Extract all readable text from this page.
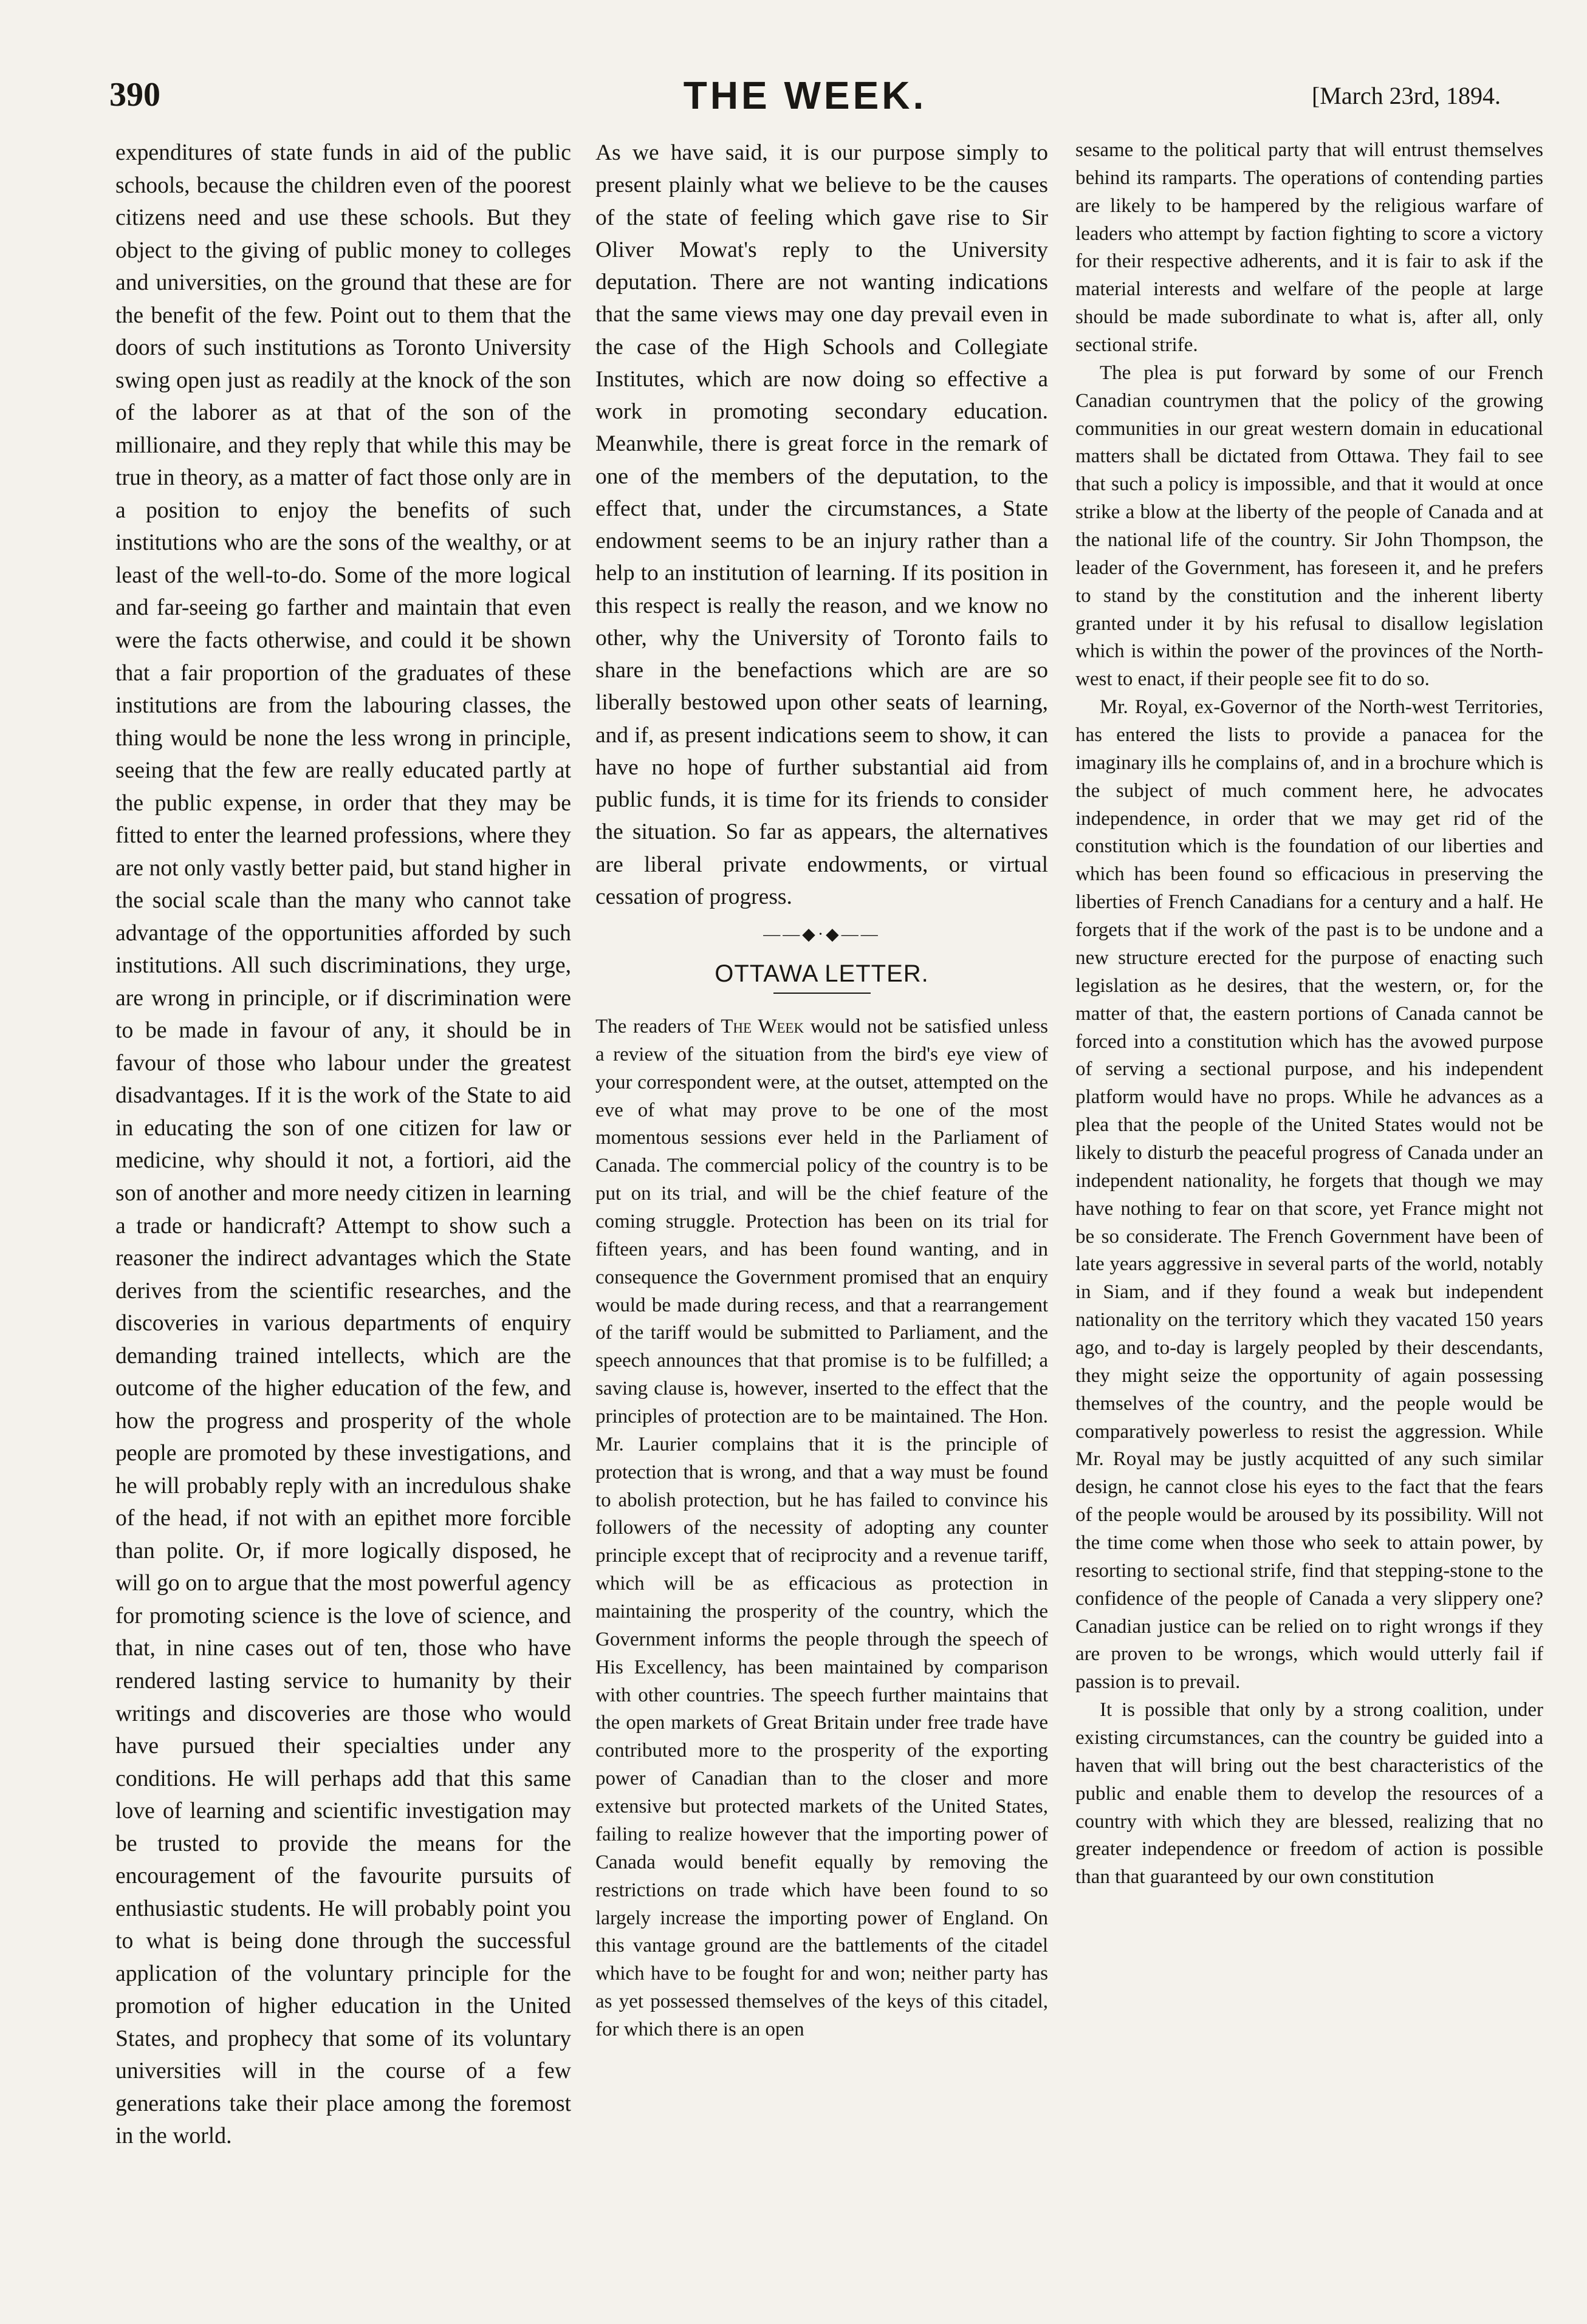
390	THE WEEK.	[March 23rd, 1894.

expenditures of state funds in aid of the public schools, because the children even of the poorest citizens need and use these schools. But they object to the giving of public money to colleges and universities, on the ground that these are for the benefit of the few. Point out to them that the doors of such institutions as Toronto University swing open just as readily at the knock of the son of the laborer as at that of the son of the millionaire, and they reply that while this may be true in theory, as a matter of fact those only are in a position to enjoy the benefits of such institutions who are the sons of the wealthy, or at least of the well-to-do. Some of the more logical and far-seeing go farther and maintain that even were the facts otherwise, and could it be shown that a fair proportion of the graduates of these institutions are from the labouring classes, the thing would be none the less wrong in principle, seeing that the few are really educated partly at the public expense, in order that they may be fitted to enter the learned professions, where they are not only vastly better paid, but stand higher in the social scale than the many who cannot take advantage of the opportunities afforded by such institutions. All such discriminations, they urge, are wrong in principle, or if discrimination were to be made in favour of any, it should be in favour of those who labour under the greatest disadvantages. If it is the work of the State to aid in educating the son of one citizen for law or medicine, why should it not, a fortiori, aid the son of another and more needy citizen in learning a trade or handicraft? Attempt to show such a reasoner the indirect advantages which the State derives from the scientific researches, and the discoveries in various departments of enquiry demanding trained intellects, which are the outcome of the higher education of the few, and how the progress and prosperity of the whole people are promoted by these investigations, and he will probably reply with an incredulous shake of the head, if not with an epithet more forcible than polite. Or, if more logically disposed, he will go on to argue that the most powerful agency for promoting science is the love of science, and that, in nine cases out of ten, those who have rendered lasting service to humanity by their writings and discoveries are those who would have pursued their specialties under any conditions. He will perhaps add that this same love of learning and scientific investigation may be trusted to provide the means for the encouragement of the favourite pursuits of enthusiastic students. He will probably point you to what is being done through the successful application of the voluntary principle for the promotion of higher education in the United States, and prophecy that some of its voluntary universities will in the course of a few generations take their place among the foremost in the world.

As we have said, it is our purpose simply to present plainly what we believe to be the causes of the state of feeling which gave rise to Sir Oliver Mowat's reply to the University deputation. There are not wanting indications that the same views may one day prevail even in the case of the High Schools and Collegiate Institutes, which are now doing so effective a work in promoting secondary education. Meanwhile, there is great force in the remark of one of the members of the deputation, to the effect that, under the circumstances, a State endowment seems to be an injury rather than a help to an institution of learning. If its position in this respect is really the reason, and we know no other, why the University of Toronto fails to share in the benefactions which are are so liberally bestowed upon other seats of learning, and if, as present indications seem to show, it can have no hope of further substantial aid from public funds, it is time for its friends to consider the situation. So far as appears, the alternatives are liberal private endowments, or virtual cessation of progress.

——◆·◆——
OTTAWA LETTER.

The readers of The Week would not be satisfied unless a review of the situation from the bird's eye view of your correspondent were, at the outset, attempted on the eve of what may prove to be one of the most momentous sessions ever held in the Parliament of Canada. The commercial policy of the country is to be put on its trial, and will be the chief feature of the coming struggle. Protection has been on its trial for fifteen years, and has been found wanting, and in consequence the Government promised that an enquiry would be made during recess, and that a rearrangement of the tariff would be submitted to Parliament, and the speech announces that that promise is to be fulfilled; a saving clause is, however, inserted to the effect that the principles of protection are to be maintained. The Hon. Mr. Laurier complains that it is the principle of protection that is wrong, and that a way must be found to abolish protection, but he has failed to convince his followers of the necessity of adopting any counter principle except that of reciprocity and a revenue tariff, which will be as efficacious as protection in maintaining the prosperity of the country, which the Government informs the people through the speech of His Excellency, has been maintained by comparison with other countries. The speech further maintains that the open markets of Great Britain under free trade have contributed more to the prosperity of the exporting power of Canadian than to the closer and more extensive but protected markets of the United States, failing to realize however that the importing power of Canada would benefit equally by removing the restrictions on trade which have been found to so largely increase the importing power of England. On this vantage ground are the battlements of the citadel which have to be fought for and won; neither party has as yet possessed themselves of the keys of this citadel, for which there is an open

sesame to the political party that will entrust themselves behind its ramparts. The operations of contending parties are likely to be hampered by the religious warfare of leaders who attempt by faction fighting to score a victory for their respective adherents, and it is fair to ask if the material interests and welfare of the people at large should be made subordinate to what is, after all, only sectional strife.

The plea is put forward by some of our French Canadian countrymen that the policy of the growing communities in our great western domain in educational matters shall be dictated from Ottawa. They fail to see that such a policy is impossible, and that it would at once strike a blow at the liberty of the people of Canada and at the national life of the country. Sir John Thompson, the leader of the Government, has foreseen it, and he prefers to stand by the constitution and the inherent liberty granted under it by his refusal to disallow legislation which is within the power of the provinces of the North-west to enact, if their people see fit to do so.

Mr. Royal, ex-Governor of the North-west Territories, has entered the lists to provide a panacea for the imaginary ills he complains of, and in a brochure which is the subject of much comment here, he advocates independence, in order that we may get rid of the constitution which is the foundation of our liberties and which has been found so efficacious in preserving the liberties of French Canadians for a century and a half. He forgets that if the work of the past is to be undone and a new structure erected for the purpose of enacting such legislation as he desires, that the western, or, for the matter of that, the eastern portions of Canada cannot be forced into a constitution which has the avowed purpose of serving a sectional purpose, and his independent platform would have no props. While he advances as a plea that the people of the United States would not be likely to disturb the peaceful progress of Canada under an independent nationality, he forgets that though we may have nothing to fear on that score, yet France might not be so considerate. The French Government have been of late years aggressive in several parts of the world, notably in Siam, and if they found a weak but independent nationality on the territory which they vacated 150 years ago, and to-day is largely peopled by their descendants, they might seize the opportunity of again possessing themselves of the country, and the people would be comparatively powerless to resist the aggression. While Mr. Royal may be justly acquitted of any such similar design, he cannot close his eyes to the fact that the fears of the people would be aroused by its possibility. Will not the time come when those who seek to attain power, by resorting to sectional strife, find that stepping-stone to the confidence of the people of Canada a very slippery one? Canadian justice can be relied on to right wrongs if they are proven to be wrongs, which would utterly fail if passion is to prevail.

It is possible that only by a strong coalition, under existing circumstances, can the country be guided into a haven that will bring out the best characteristics of the public and enable them to develop the resources of a country with which they are blessed, realizing that no greater independence or freedom of action is possible than that guaranteed by our own constitution
